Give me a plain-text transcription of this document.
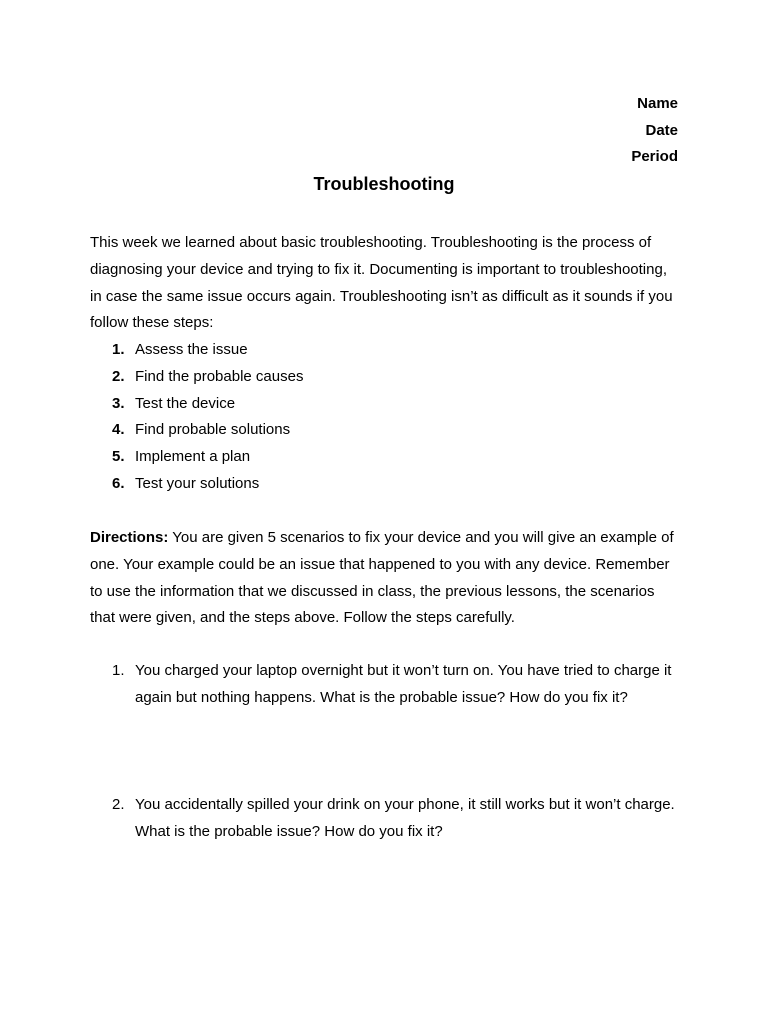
Name
Date
Period
Troubleshooting

This week we learned about basic troubleshooting. Troubleshooting is the process of diagnosing your device and trying to fix it. Documenting is important to troubleshooting, in case the same issue occurs again. Troubleshooting isn’t as difficult as it sounds if you follow these steps:

1. Assess the issue
2. Find the probable causes
3. Test the device
4. Find probable solutions
5. Implement a plan
6. Test your solutions

Directions: You are given 5 scenarios to fix your device and you will give an example of one. Your example could be an issue that happened to you with any device. Remember to use the information that we discussed in class, the previous lessons, the scenarios that were given, and the steps above. Follow the steps carefully.

1. You charged your laptop overnight but it won’t turn on. You have tried to charge it again but nothing happens. What is the probable issue? How do you fix it?
2. You accidentally spilled your drink on your phone, it still works but it won’t charge. What is the probable issue? How do you fix it?
